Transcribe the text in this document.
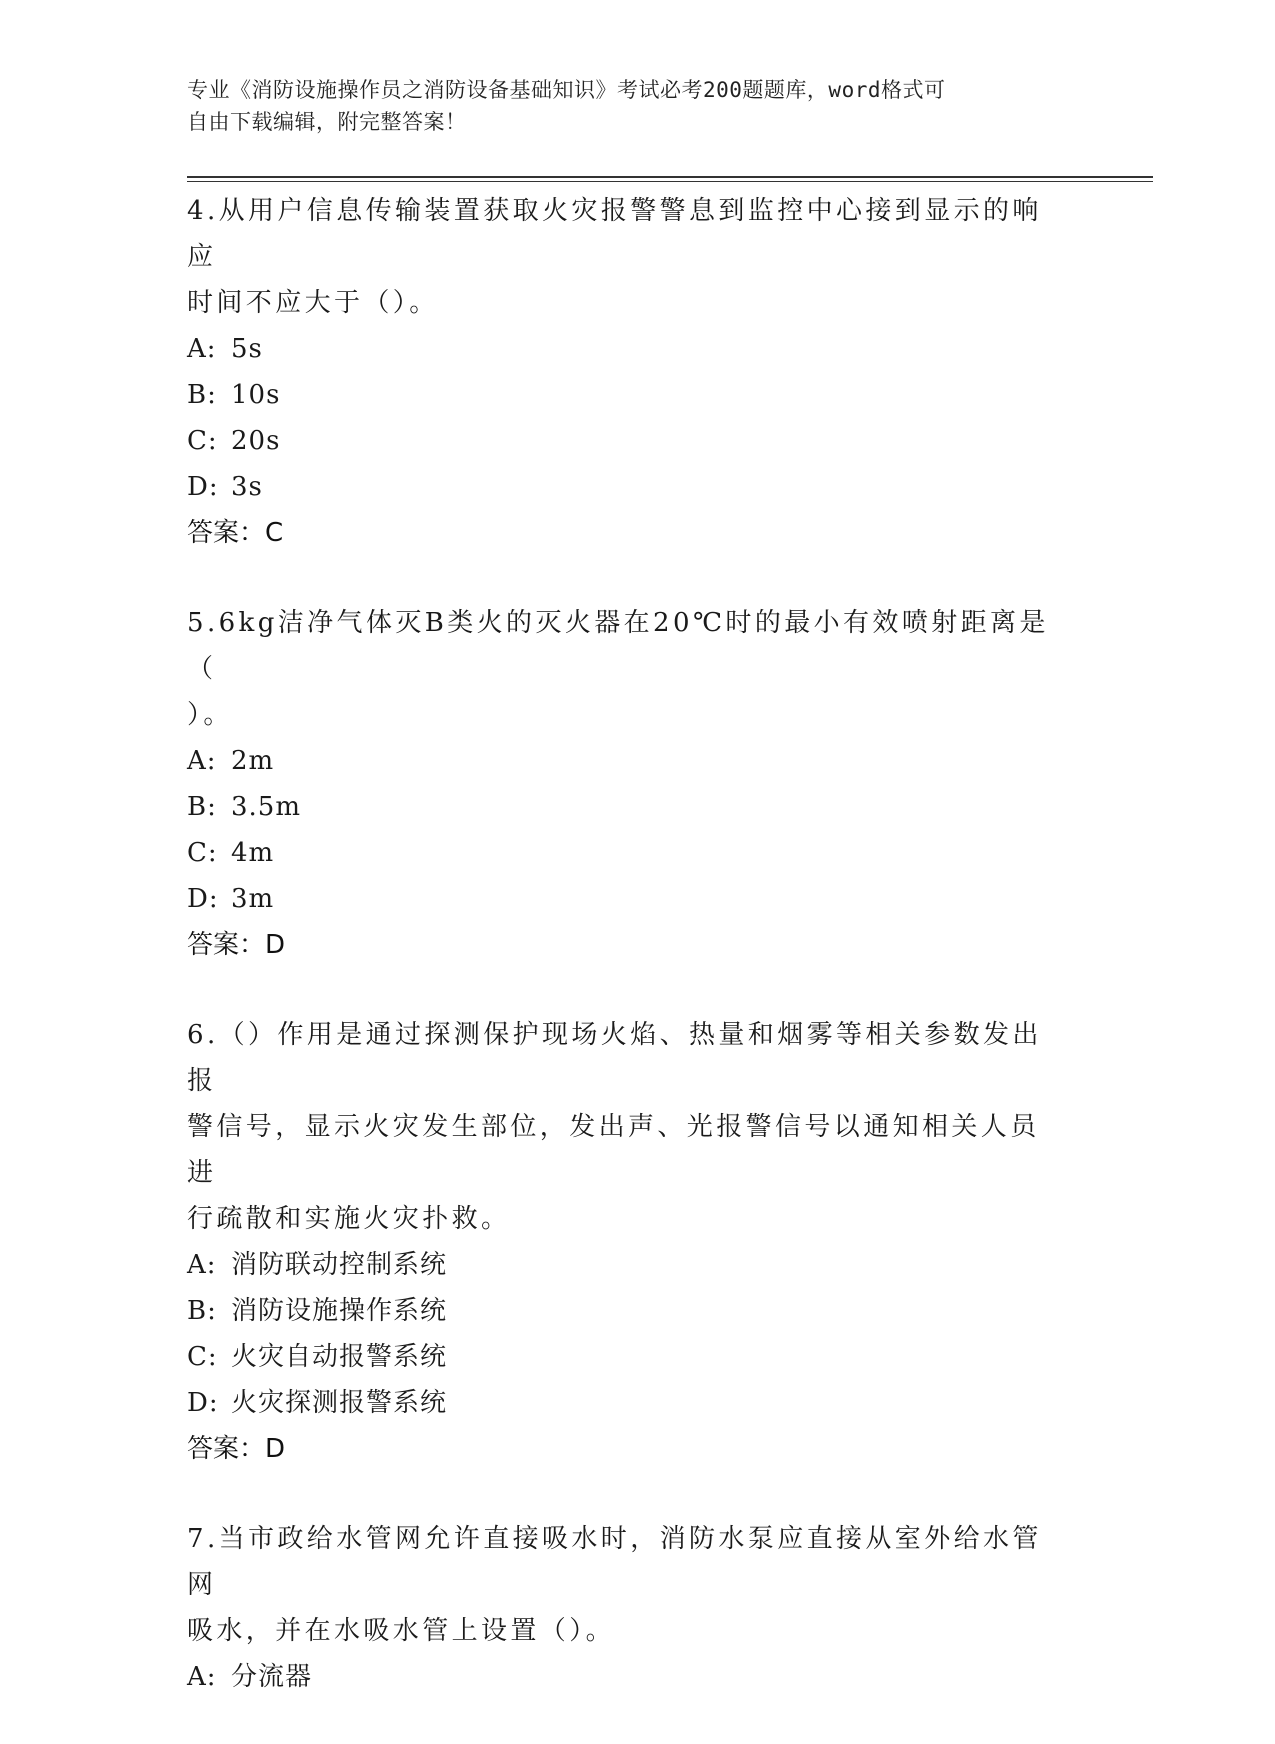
专业《消防设施操作员之消防设备基础知识》考试必考200题题库，word格式可
自由下载编辑，附完整答案！

4.从用户信息传输装置获取火灾报警警息到监控中心接到显示的响应

时间不应大于（）。

A: 5s

B: 10s

C: 20s

D: 3s

答案：C

5.6kg洁净气体灭B类火的灭火器在20℃时的最小有效喷射距离是（

）。

A: 2m

B: 3.5m

C: 4m

D: 3m

答案：D

6.（）作用是通过探测保护现场火焰、热量和烟雾等相关参数发出报

警信号，显示火灾发生部位，发出声、光报警信号以通知相关人员进

行疏散和实施火灾扑救。

A: 消防联动控制系统

B: 消防设施操作系统

C: 火灾自动报警系统

D: 火灾探测报警系统

答案：D

7.当市政给水管网允许直接吸水时，消防水泵应直接从室外给水管网

吸水，并在水吸水管上设置（）。

A: 分流器
